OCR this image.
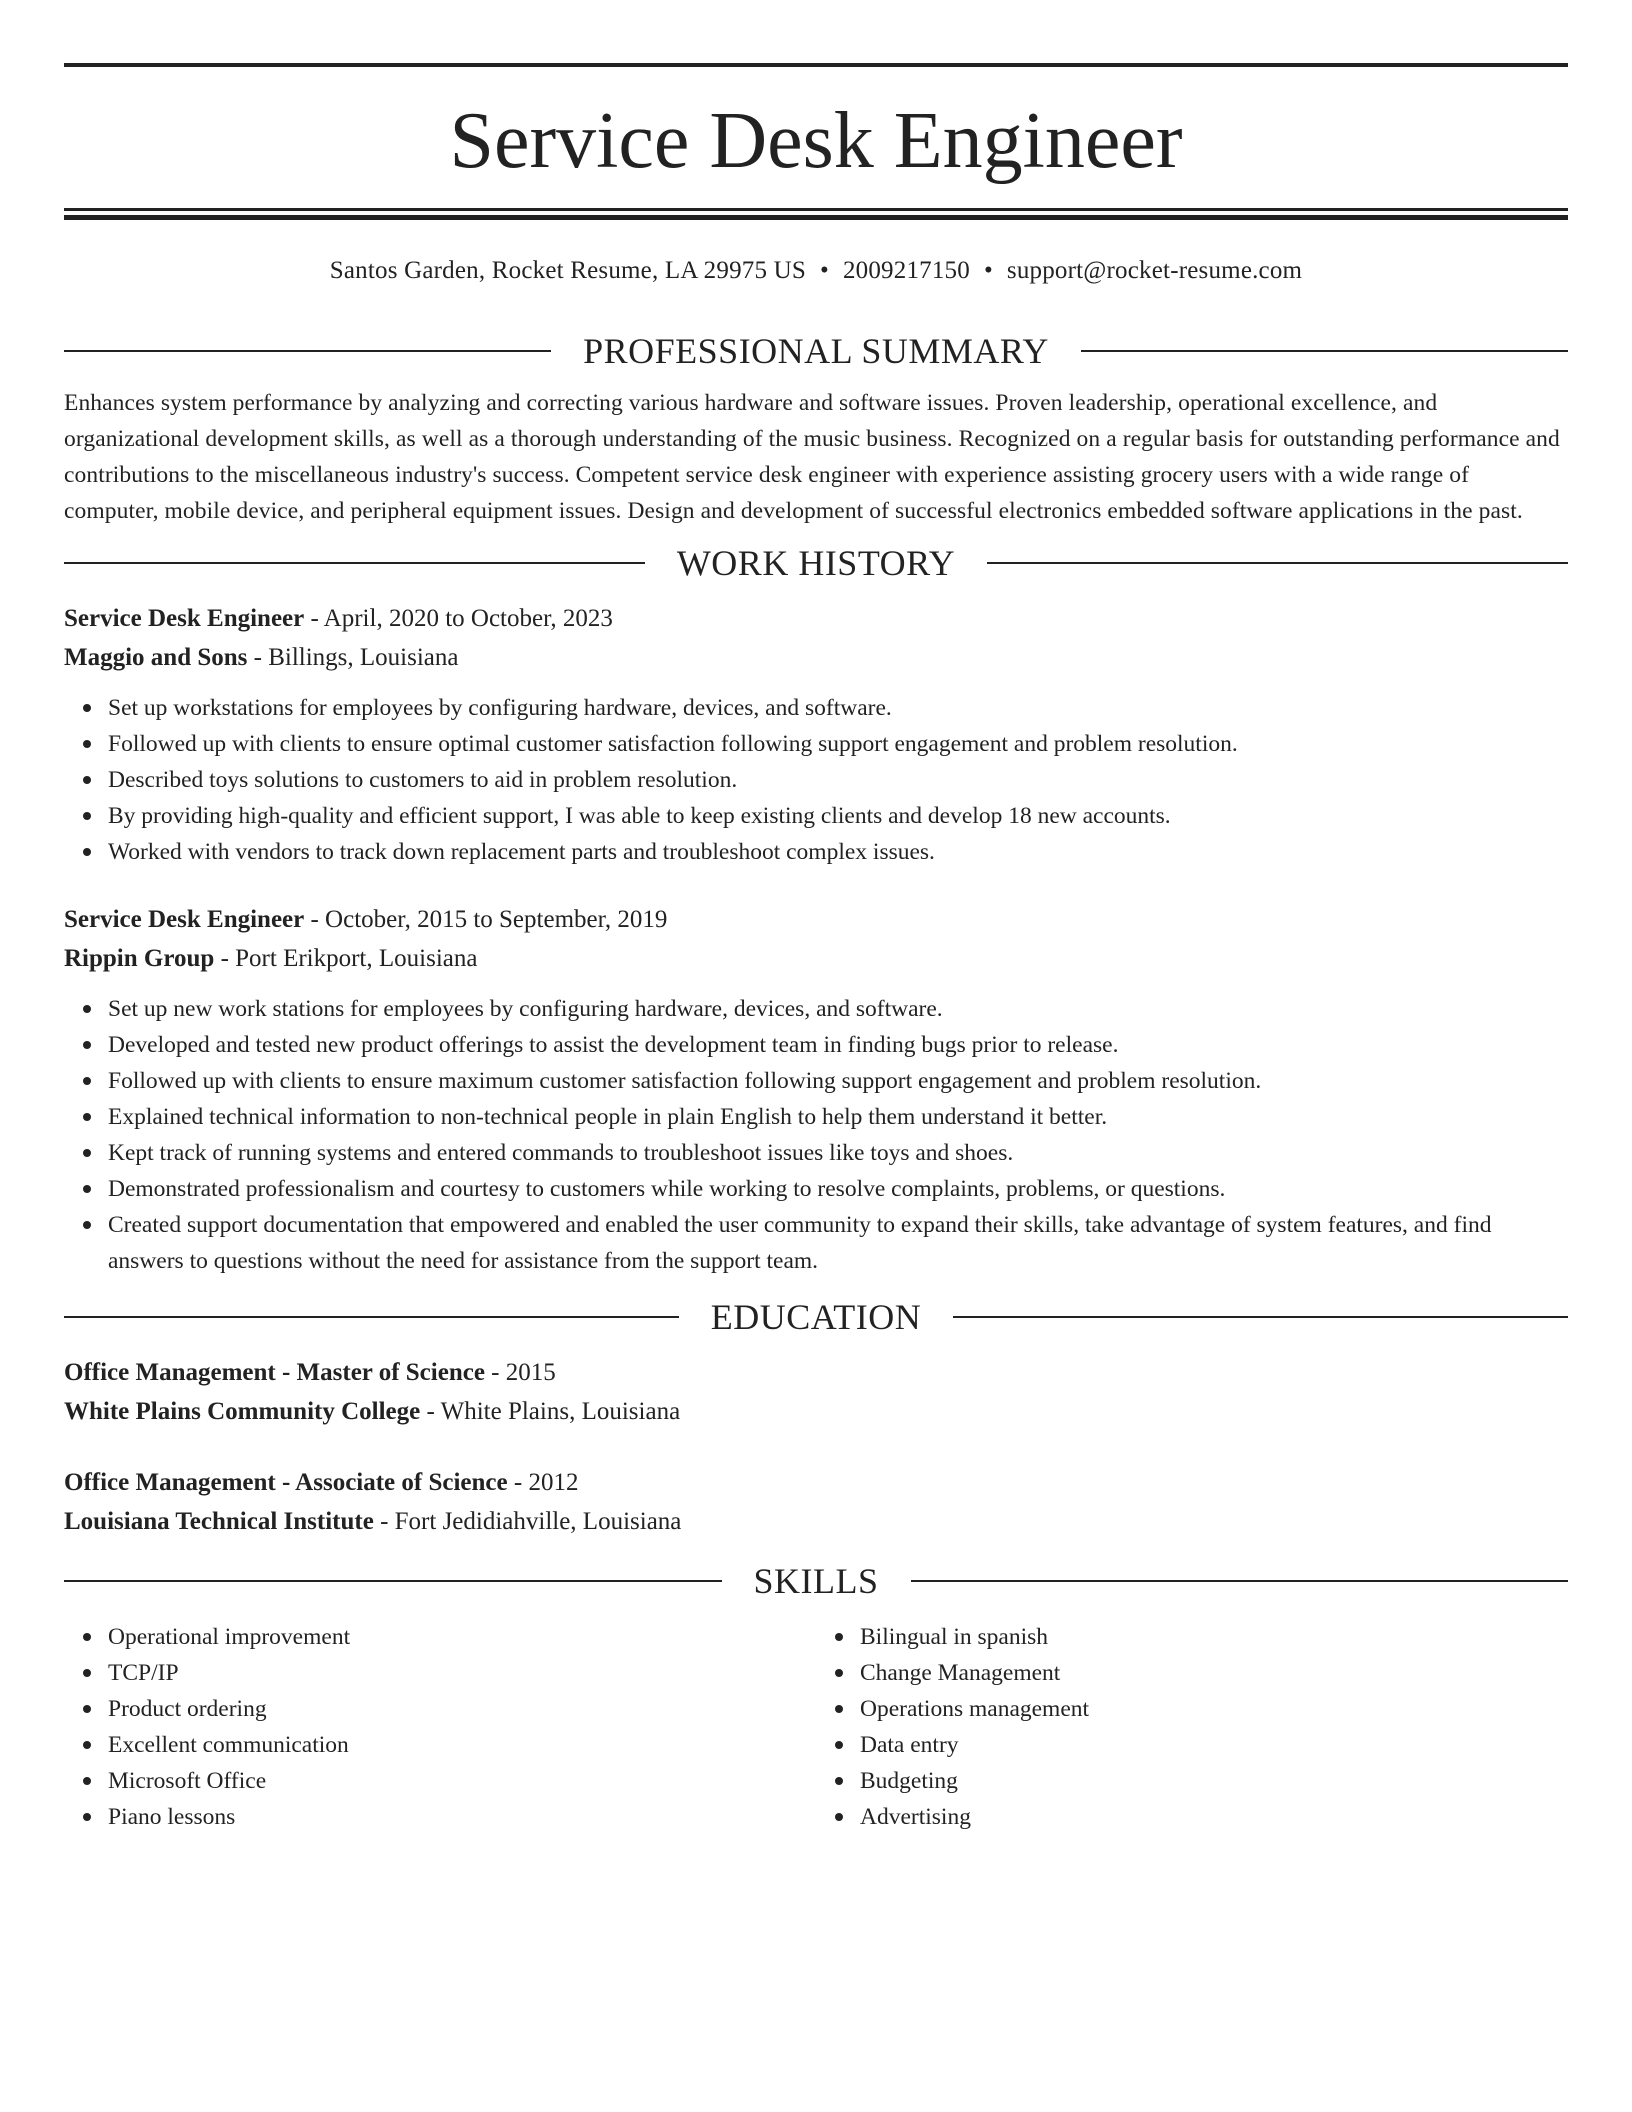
Service Desk Engineer
Santos Garden, Rocket Resume, LA 29975 US • 2009217150 • support@rocket-resume.com
PROFESSIONAL SUMMARY

Enhances system performance by analyzing and correcting various hardware and software issues. Proven leadership, operational excellence, and organizational development skills, as well as a thorough understanding of the music business. Recognized on a regular basis for outstanding performance and contributions to the miscellaneous industry's success. Competent service desk engineer with experience assisting grocery users with a wide range of computer, mobile device, and peripheral equipment issues. Design and development of successful electronics embedded software applications in the past.

WORK HISTORY
Service Desk Engineer - April, 2020 to October, 2023
Maggio and Sons - Billings, Louisiana
Set up workstations for employees by configuring hardware, devices, and software.
Followed up with clients to ensure optimal customer satisfaction following support engagement and problem resolution.
Described toys solutions to customers to aid in problem resolution.
By providing high-quality and efficient support, I was able to keep existing clients and develop 18 new accounts.
Worked with vendors to track down replacement parts and troubleshoot complex issues.
Service Desk Engineer - October, 2015 to September, 2019
Rippin Group - Port Erikport, Louisiana
Set up new work stations for employees by configuring hardware, devices, and software.
Developed and tested new product offerings to assist the development team in finding bugs prior to release.
Followed up with clients to ensure maximum customer satisfaction following support engagement and problem resolution.
Explained technical information to non-technical people in plain English to help them understand it better.
Kept track of running systems and entered commands to troubleshoot issues like toys and shoes.
Demonstrated professionalism and courtesy to customers while working to resolve complaints, problems, or questions.
Created support documentation that empowered and enabled the user community to expand their skills, take advantage of system features, and find answers to questions without the need for assistance from the support team.
EDUCATION
Office Management - Master of Science - 2015
White Plains Community College - White Plains, Louisiana
Office Management - Associate of Science - 2012
Louisiana Technical Institute - Fort Jedidiahville, Louisiana
SKILLS
Operational improvement
TCP/IP
Product ordering
Excellent communication
Microsoft Office
Piano lessons
Bilingual in spanish
Change Management
Operations management
Data entry
Budgeting
Advertising
